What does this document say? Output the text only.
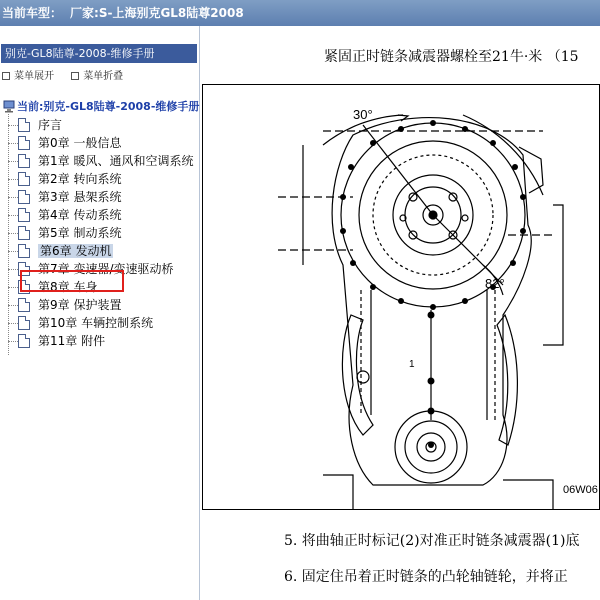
当前车型： 厂家:S-上海别克GL8陆尊2008
别克-GL8陆尊-2008-维修手册
菜单展开	菜单折叠
当前:别克-GL8陆尊-2008-维修手册
序言
第0章 一般信息
第1章 暖风、通风和空调系统
第2章 转向系统
第3章 悬架系统
第4章 传动系统
第5章 制动系统
第6章 发动机
第7章 变速器/变速驱动桥
第8章 车身
第9章 保护装置
第10章 车辆控制系统
第11章 附件
紧固正时链条减震器螺栓至21牛·米 （15
30°
82°
1
06W06
5. 将曲轴正时标记(2)对准正时链条减震器(1)底
6. 固定住吊着正时链条的凸轮轴链轮，并将正
